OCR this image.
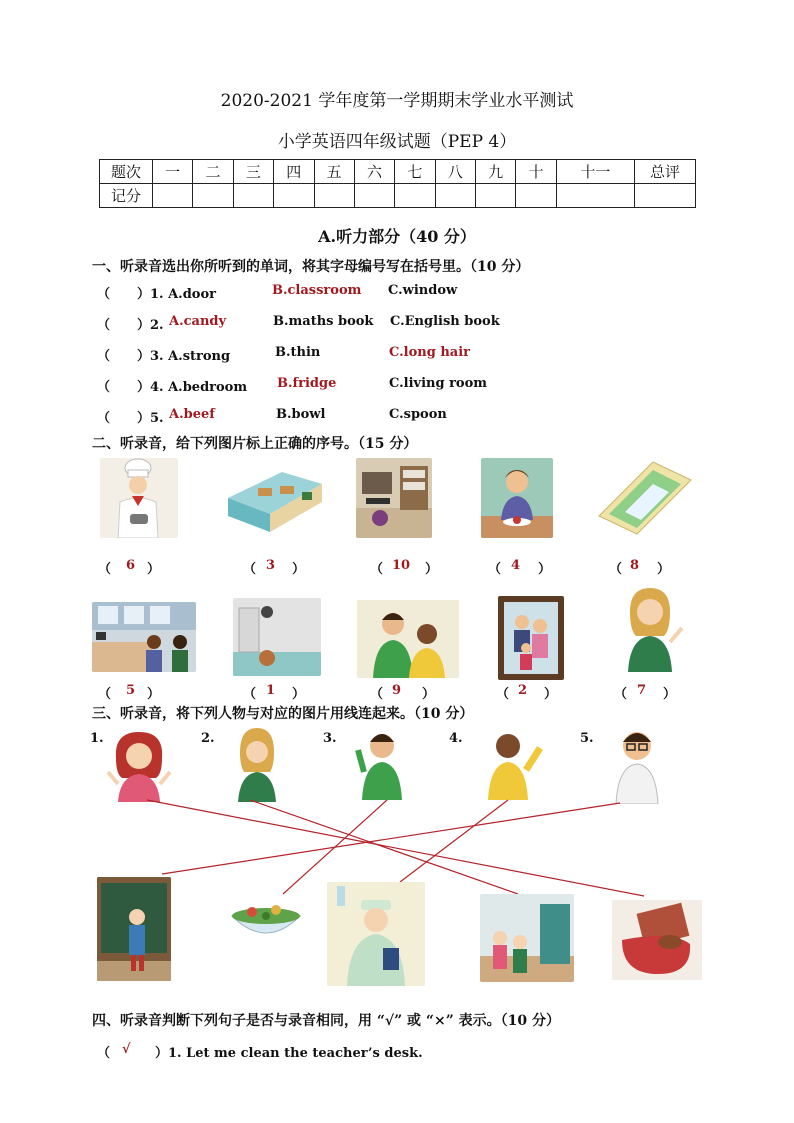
2020-2021 学年度第一学期期末学业水平测试
小学英语四年级试题（PEP 4）
题次	一	二	三	四	五	六	七	八	九	十	十一	总评
记分												
A.听力部分（40 分）
一、听录音选出你所听到的单词，将其字母编号写在括号里。（10 分）
（ ）1. A.door	B.classroom C.window
（ ）2. A.candy	B.maths book C.English book
（ ）3. A.strong	B.thin	C.long hair
（ ）4. A.bedroom B.fridge	C.living room
（ ）5. A.beef	B.bowl	C.spoon
二、听录音，给下列图片标上正确的序号。（15 分）
（ 6 ）	（ 3 ）	（ 10 ）	（ 4 ）	（ 8 ）
（ 5 ）	（ 1 ）	（ 9 ）	（ 2 ）	（ 7 ）
三、听录音，将下列人物与对应的图片用线连起来。（10 分）
1.	2.	3.	4.	5.
四、听录音判断下列句子是否与录音相同，用 “√” 或 “×” 表示。（10 分）
（ √ ）1. Let me clean the teacher’s desk.
